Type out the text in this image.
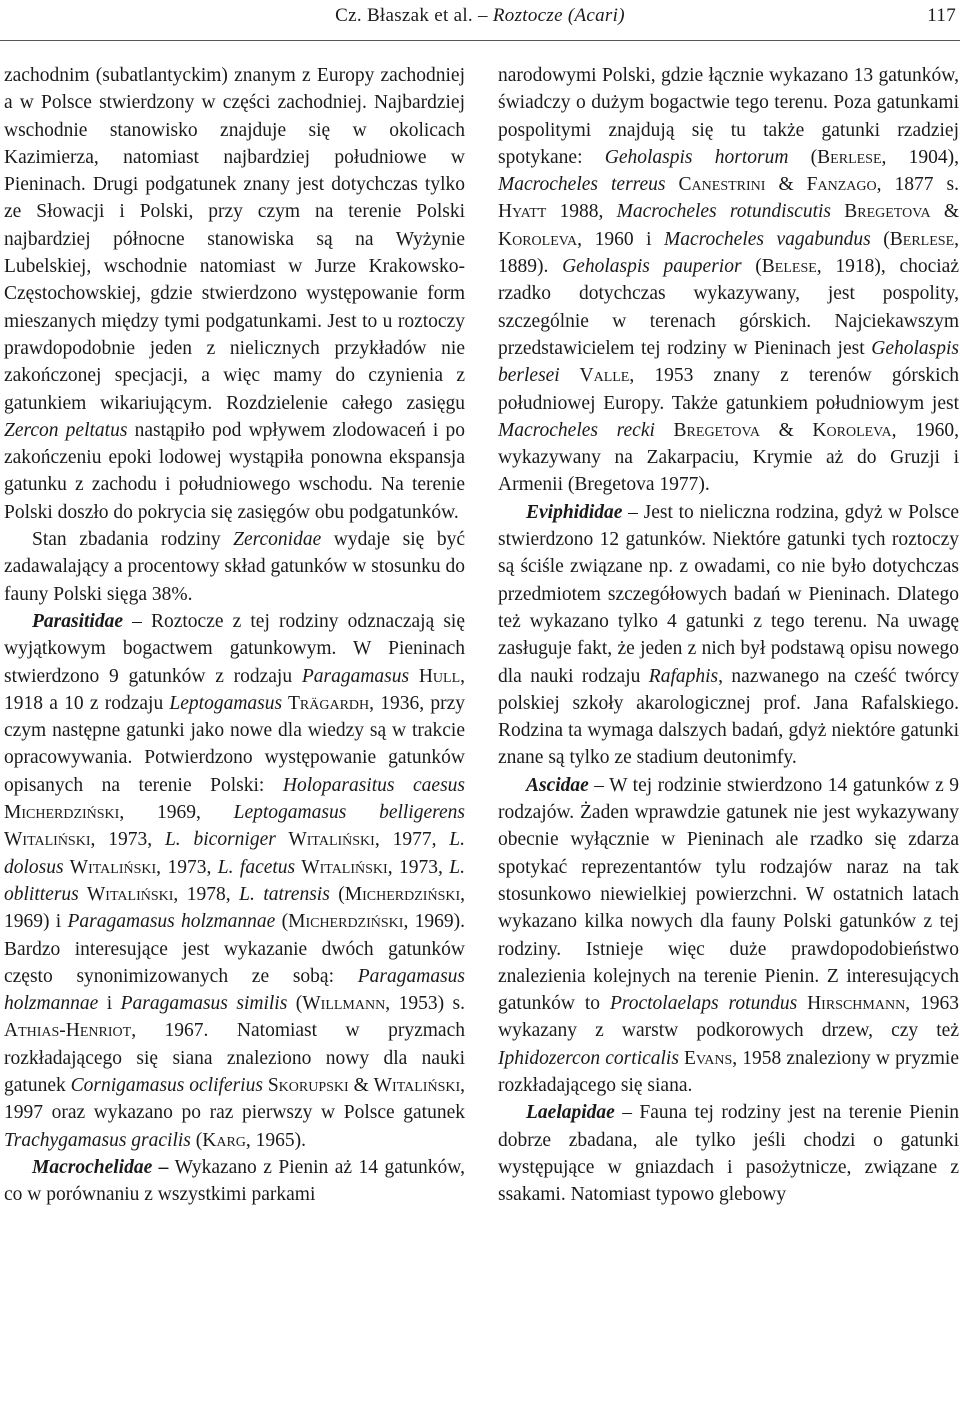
Cz. Błaszak et al. – Roztocze (Acari)	117

zachodnim (subatlantyckim) znanym z Europy zachodniej a w Polsce stwierdzony w części zachodniej. Najbardziej wschodnie stanowisko znajduje się w okolicach Kazimierza, natomiast najbardziej południowe w Pieninach. Drugi podgatunek znany jest dotychczas tylko ze Słowacji i Polski, przy czym na terenie Polski najbardziej północne stanowiska są na Wyżynie Lubelskiej, wschodnie natomiast w Jurze Krakowsko-Częstochowskiej, gdzie stwierdzono występowanie form mieszanych między tymi podgatunkami. Jest to u roztoczy prawdopodobnie jeden z nielicznych przykładów nie zakończonej specjacji, a więc mamy do czynienia z gatunkiem wikariującym. Rozdzielenie całego zasięgu Zercon peltatus nastąpiło pod wpływem zlodowaceń i po zakończeniu epoki lodowej wystąpiła ponowna ekspansja gatunku z zachodu i południowego wschodu. Na terenie Polski doszło do pokrycia się zasięgów obu podgatunków.

Stan zbadania rodziny Zerconidae wydaje się być zadawalający a procentowy skład gatunków w stosunku do fauny Polski sięga 38%.

Parasitidae – Roztocze z tej rodziny odznaczają się wyjątkowym bogactwem gatunkowym. W Pieninach stwierdzono 9 gatunków z rodzaju Paragamasus Hull, 1918 a 10 z rodzaju Leptogamasus Trägardh, 1936, przy czym następne gatunki jako nowe dla wiedzy są w trakcie opracowywania. Potwierdzono występowanie gatunków opisanych na terenie Polski: Holoparasitus caesus Micherdziński, 1969, Leptogamasus belligerens Witaliński, 1973, L. bicorniger Witaliński, 1977, L. dolosus Witaliński, 1973, L. facetus Witaliński, 1973, L. oblitterus Witaliński, 1978, L. tatrensis (Micherdziński, 1969) i Paragamasus holzmannae (Micherdziński, 1969). Bardzo interesujące jest wykazanie dwóch gatunków często synonimizowanych ze sobą: Paragamasus holzmannae i Paragamasus similis (Willmann, 1953) s. Athias-Henriot, 1967. Natomiast w pryzmach rozkładającego się siana znaleziono nowy dla nauki gatunek Cornigamasus ocliferius Skorupski & Witaliński, 1997 oraz wykazano po raz pierwszy w Polsce gatunek Trachygamasus gracilis (Karg, 1965).

Macrochelidae – Wykazano z Pienin aż 14 gatunków, co w porównaniu z wszystkimi parkami

narodowymi Polski, gdzie łącznie wykazano 13 gatunków, świadczy o dużym bogactwie tego terenu. Poza gatunkami pospolitymi znajdują się tu także gatunki rzadziej spotykane: Geholaspis hortorum (Berlese, 1904), Macrocheles terreus Canestrini & Fanzago, 1877 s. Hyatt 1988, Macrocheles rotundiscutis Bregetova & Koroleva, 1960 i Macrocheles vagabundus (Berlese, 1889). Geholaspis pauperior (Belese, 1918), chociaż rzadko dotychczas wykazywany, jest pospolity, szczególnie w terenach górskich. Najciekawszym przedstawicielem tej rodziny w Pieninach jest Geholaspis berlesei Valle, 1953 znany z terenów górskich południowej Europy. Także gatunkiem południowym jest Macrocheles recki Bregetova & Koroleva, 1960, wykazywany na Zakarpaciu, Krymie aż do Gruzji i Armenii (Bregetova 1977).

Eviphididae – Jest to nieliczna rodzina, gdyż w Polsce stwierdzono 12 gatunków. Niektóre gatunki tych roztoczy są ściśle związane np. z owadami, co nie było dotychczas przedmiotem szczegółowych badań w Pieninach. Dlatego też wykazano tylko 4 gatunki z tego terenu. Na uwagę zasługuje fakt, że jeden z nich był podstawą opisu nowego dla nauki rodzaju Rafaphis, nazwanego na cześć twórcy polskiej szkoły akarologicznej prof. Jana Rafalskiego. Rodzina ta wymaga dalszych badań, gdyż niektóre gatunki znane są tylko ze stadium deutonimfy.

Ascidae – W tej rodzinie stwierdzono 14 gatunków z 9 rodzajów. Żaden wprawdzie gatunek nie jest wykazywany obecnie wyłącznie w Pieninach ale rzadko się zdarza spotykać reprezentantów tylu rodzajów naraz na tak stosunkowo niewielkiej powierzchni. W ostatnich latach wykazano kilka nowych dla fauny Polski gatunków z tej rodziny. Istnieje więc duże prawdopodobieństwo znalezienia kolejnych na terenie Pienin. Z interesujących gatunków to Proctolaelaps rotundus Hirschmann, 1963 wykazany z warstw podkorowych drzew, czy też Iphidozercon corticalis Evans, 1958 znaleziony w pryzmie rozkładającego się siana.

Laelapidae – Fauna tej rodziny jest na terenie Pienin dobrze zbadana, ale tylko jeśli chodzi o gatunki występujące w gniazdach i pasożytnicze, związane z ssakami. Natomiast typowo glebowy
